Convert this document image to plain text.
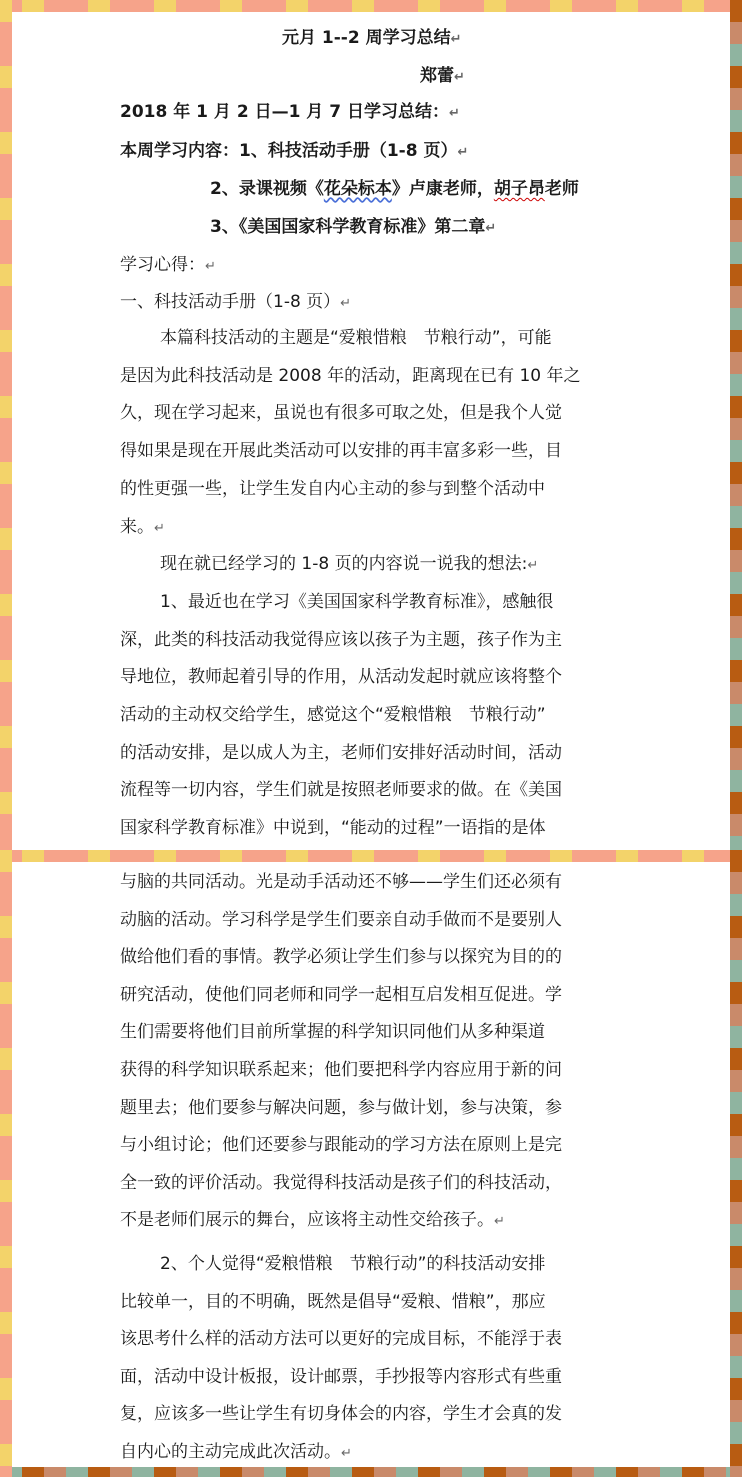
元月 1--2 周学习总结↵
郑蕾↵
2018 年 1 月 2 日—1 月 7 日学习总结：↵
本周学习内容：1、科技活动手册（1-8 页）↵
2、录课视频《花朵标本》卢康老师，胡子昂老师
3、《美国国家科学教育标准》第二章↵
学习心得：↵
一、科技活动手册（1-8 页）↵
本篇科技活动的主题是“爱粮惜粮　节粮行动”，可能
是因为此科技活动是 2008 年的活动，距离现在已有 10 年之
久，现在学习起来，虽说也有很多可取之处，但是我个人觉
得如果是现在开展此类活动可以安排的再丰富多彩一些，目
的性更强一些，让学生发自内心主动的参与到整个活动中
来。↵
现在就已经学习的 1-8 页的内容说一说我的想法:↵
1、最近也在学习《美国国家科学教育标准》，感触很
深，此类的科技活动我觉得应该以孩子为主题，孩子作为主
导地位，教师起着引导的作用，从活动发起时就应该将整个
活动的主动权交给学生，感觉这个“爱粮惜粮　节粮行动”
的活动安排，是以成人为主，老师们安排好活动时间，活动
流程等一切内容，学生们就是按照老师要求的做。在《美国
国家科学教育标准》中说到，“能动的过程”一语指的是体
与脑的共同活动。光是动手活动还不够——学生们还必须有
动脑的活动。学习科学是学生们要亲自动手做而不是要别人
做给他们看的事情。教学必须让学生们参与以探究为目的的
研究活动，使他们同老师和同学一起相互启发相互促进。学
生们需要将他们目前所掌握的科学知识同他们从多种渠道
获得的科学知识联系起来；他们要把科学内容应用于新的问
题里去；他们要参与解决问题，参与做计划，参与决策，参
与小组讨论；他们还要参与跟能动的学习方法在原则上是完
全一致的评价活动。我觉得科技活动是孩子们的科技活动，
不是老师们展示的舞台，应该将主动性交给孩子。↵
2、个人觉得“爱粮惜粮　节粮行动”的科技活动安排
比较单一，目的不明确，既然是倡导“爱粮、惜粮”，那应
该思考什么样的活动方法可以更好的完成目标，不能浮于表
面，活动中设计板报，设计邮票，手抄报等内容形式有些重
复，应该多一些让学生有切身体会的内容，学生才会真的发
自内心的主动完成此次活动。↵
